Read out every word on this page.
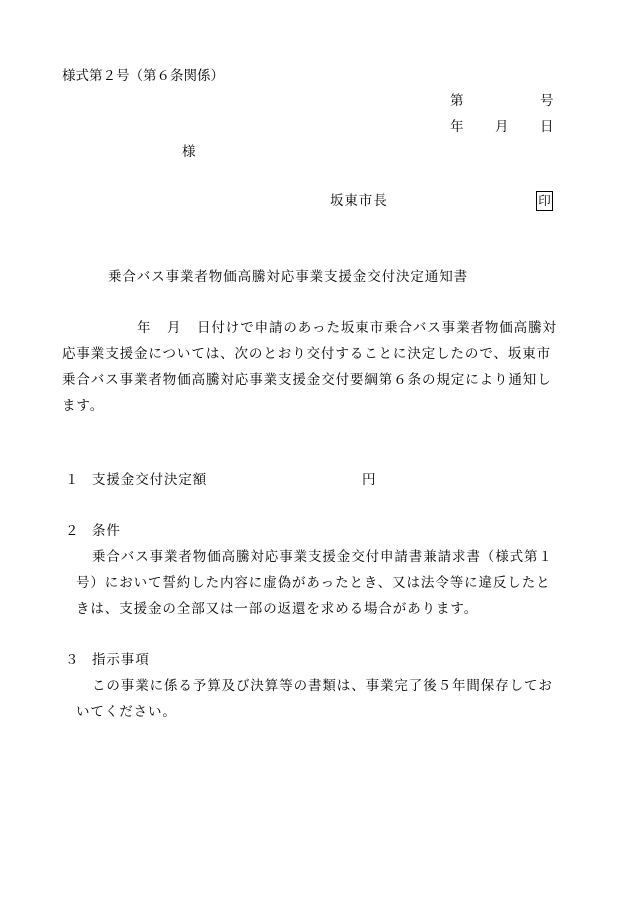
様式第２号（第６条関係）
第	号
年 月 日
様
坂東市長	印
乗合バス事業者物価高騰対応事業支援金交付決定通知書
年 月 日付けで申請のあった坂東市乗合バス事業者物価高騰対
応事業支援金については、次のとおり交付することに決定したので、坂東市
乗合バス事業者物価高騰対応事業支援金交付要綱第６条の規定により通知し
ます。
１ 支援金交付決定額	円
２ 条件
乗合バス事業者物価高騰対応事業支援金交付申請書兼請求書（様式第１
号）において誓約した内容に虚偽があったとき、又は法令等に違反したと
きは、支援金の全部又は一部の返還を求める場合があります。
３ 指示事項
この事業に係る予算及び決算等の書類は、事業完了後５年間保存してお
いてください。
